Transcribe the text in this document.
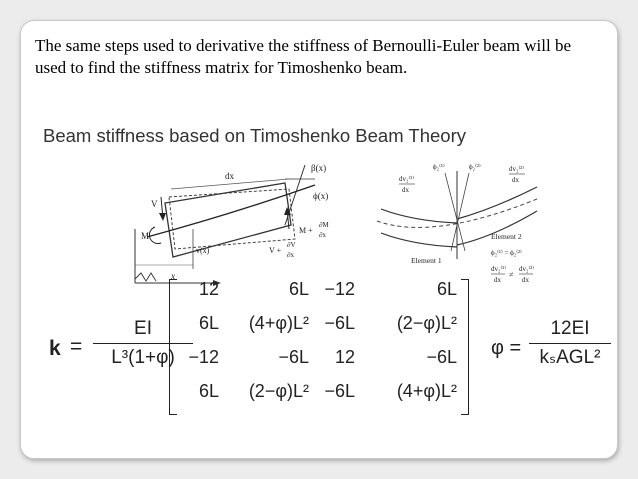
The same steps used to derivative the stiffness of Bernoulli-Euler beam will be used to find the stiffness matrix for Timoshenko beam.

Beam stiffness based on Timoshenko Beam Theory
dx
β(x)
ϕ(x)
V
M
v(x)	V +
∂V
∂x
M +
∂M
∂x
x
dv₂⁽¹⁾
dx
ϕ₂⁽¹⁾	ϕ₂⁽²⁾	dv₂⁽²⁾
dx
Element 2
Element 1
ϕ₂⁽¹⁾ = ϕ₂⁽²⁾
dv₂⁽¹⁾
dx
≠
dv₂⁽²⁾
dx
k =
EI
L³(1+φ)
12	6L −12	6L
6L	(4+φ)L² −6L	(2−φ)L²
−12	−6L	12	−6L
6L	(2−φ)L² −6L	(4+φ)L²
φ =
12EI
kₛAGL²
